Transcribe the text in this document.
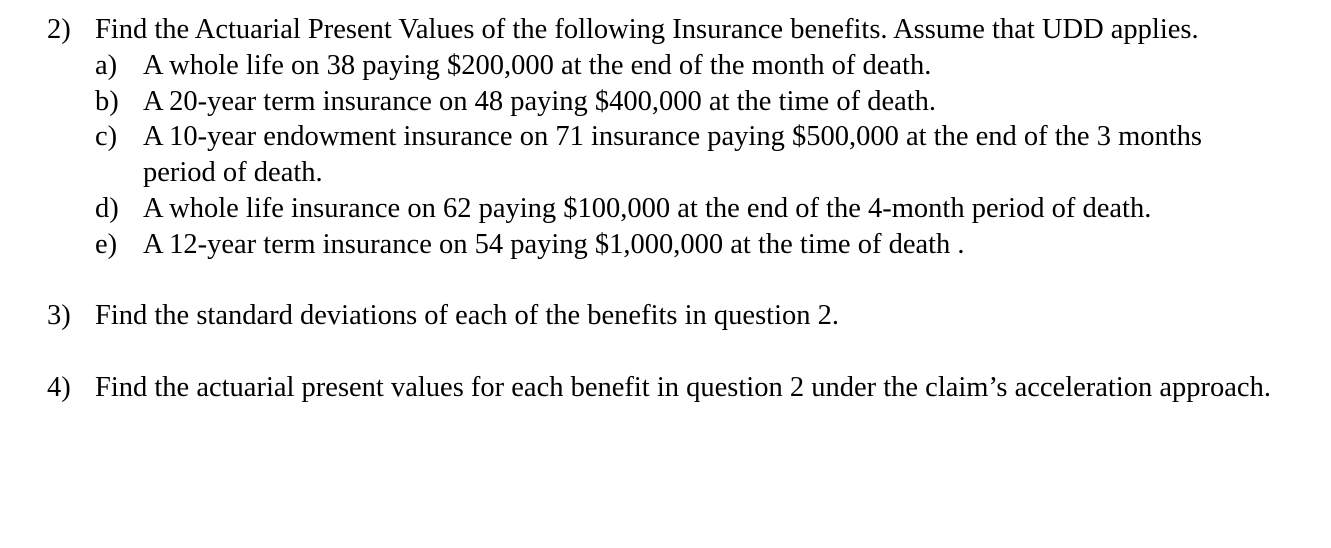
2) Find the Actuarial Present Values of the following Insurance benefits. Assume that UDD applies.
a) A whole life on 38 paying $200,000 at the end of the month of death.
b) A 20-year term insurance on 48 paying $400,000 at the time of death.
c) A 10-year endowment insurance on 71 insurance paying $500,000 at the end of the 3 months period of death.
d) A whole life insurance on 62 paying $100,000 at the end of the 4-month period of death.
e) A 12-year term insurance on 54 paying $1,000,000 at the time of death .
3) Find the standard deviations of each of the benefits in question 2.
4) Find the actuarial present values for each benefit in question 2 under the claim’s acceleration approach.
